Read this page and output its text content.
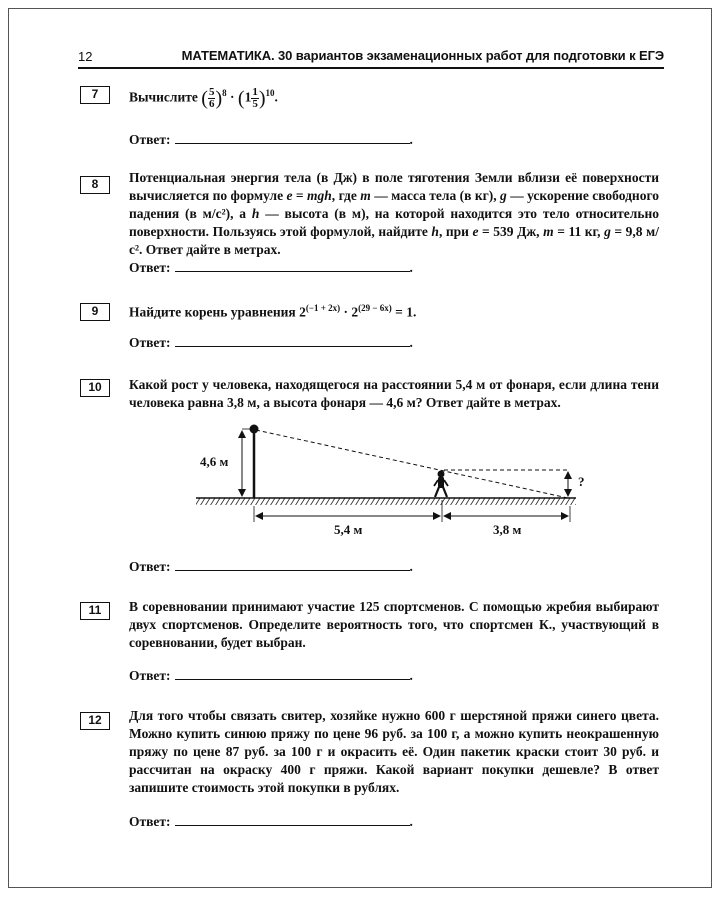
12	МАТЕМАТИКА. 30 вариантов экзаменационных работ для подготовки к ЕГЭ
7	Вычислите ( $\frac{5}{6} )^8 \cdot (1 \frac{1}{5} )^{10}$.
Ответ:	.
8	Потенциальная энергия тела (в Дж) в поле тяготения Земли вблизи её поверхности вычисляется по формуле e = mgh, где m — масса тела (в кг), g — ускорение свободного падения (в м/с²), а h — высота (в м), на которой находится это тело относительно поверхности. Пользуясь этой формулой, найдите h, при e = 539 Дж, m = 11 кг, g = 9,8 м/с². Ответ дайте в метрах.
Ответ:	.
9	Найдите корень уравнения $2^{(-1 + 2x)} \cdot 2^{(29 - 6x)} = 1$.
Ответ:	.
10	Какой рост у человека, находящегося на расстоянии 5,4 м от фонаря, если длина тени человека равна 3,8 м, а высота фонаря — 4,6 м? Ответ дайте в метрах.
4,6 м
?
5,4 м	3,8 м
Ответ:	.
11	В соревновании принимают участие 125 спортсменов. С помощью жребия выбирают двух спортсменов. Определите вероятность того, что спортсмен К., участвующий в соревновании, будет выбран.
Ответ:	.
12	Для того чтобы связать свитер, хозяйке нужно 600 г шерстяной пряжи синего цвета. Можно купить синюю пряжу по цене 96 руб. за 100 г, а можно купить неокрашенную пряжу по цене 87 руб. за 100 г и окрасить её. Один пакетик краски стоит 30 руб. и рассчитан на окраску 400 г пряжи. Какой вариант покупки дешевле? В ответ запишите стоимость этой покупки в рублях.
Ответ:	.
